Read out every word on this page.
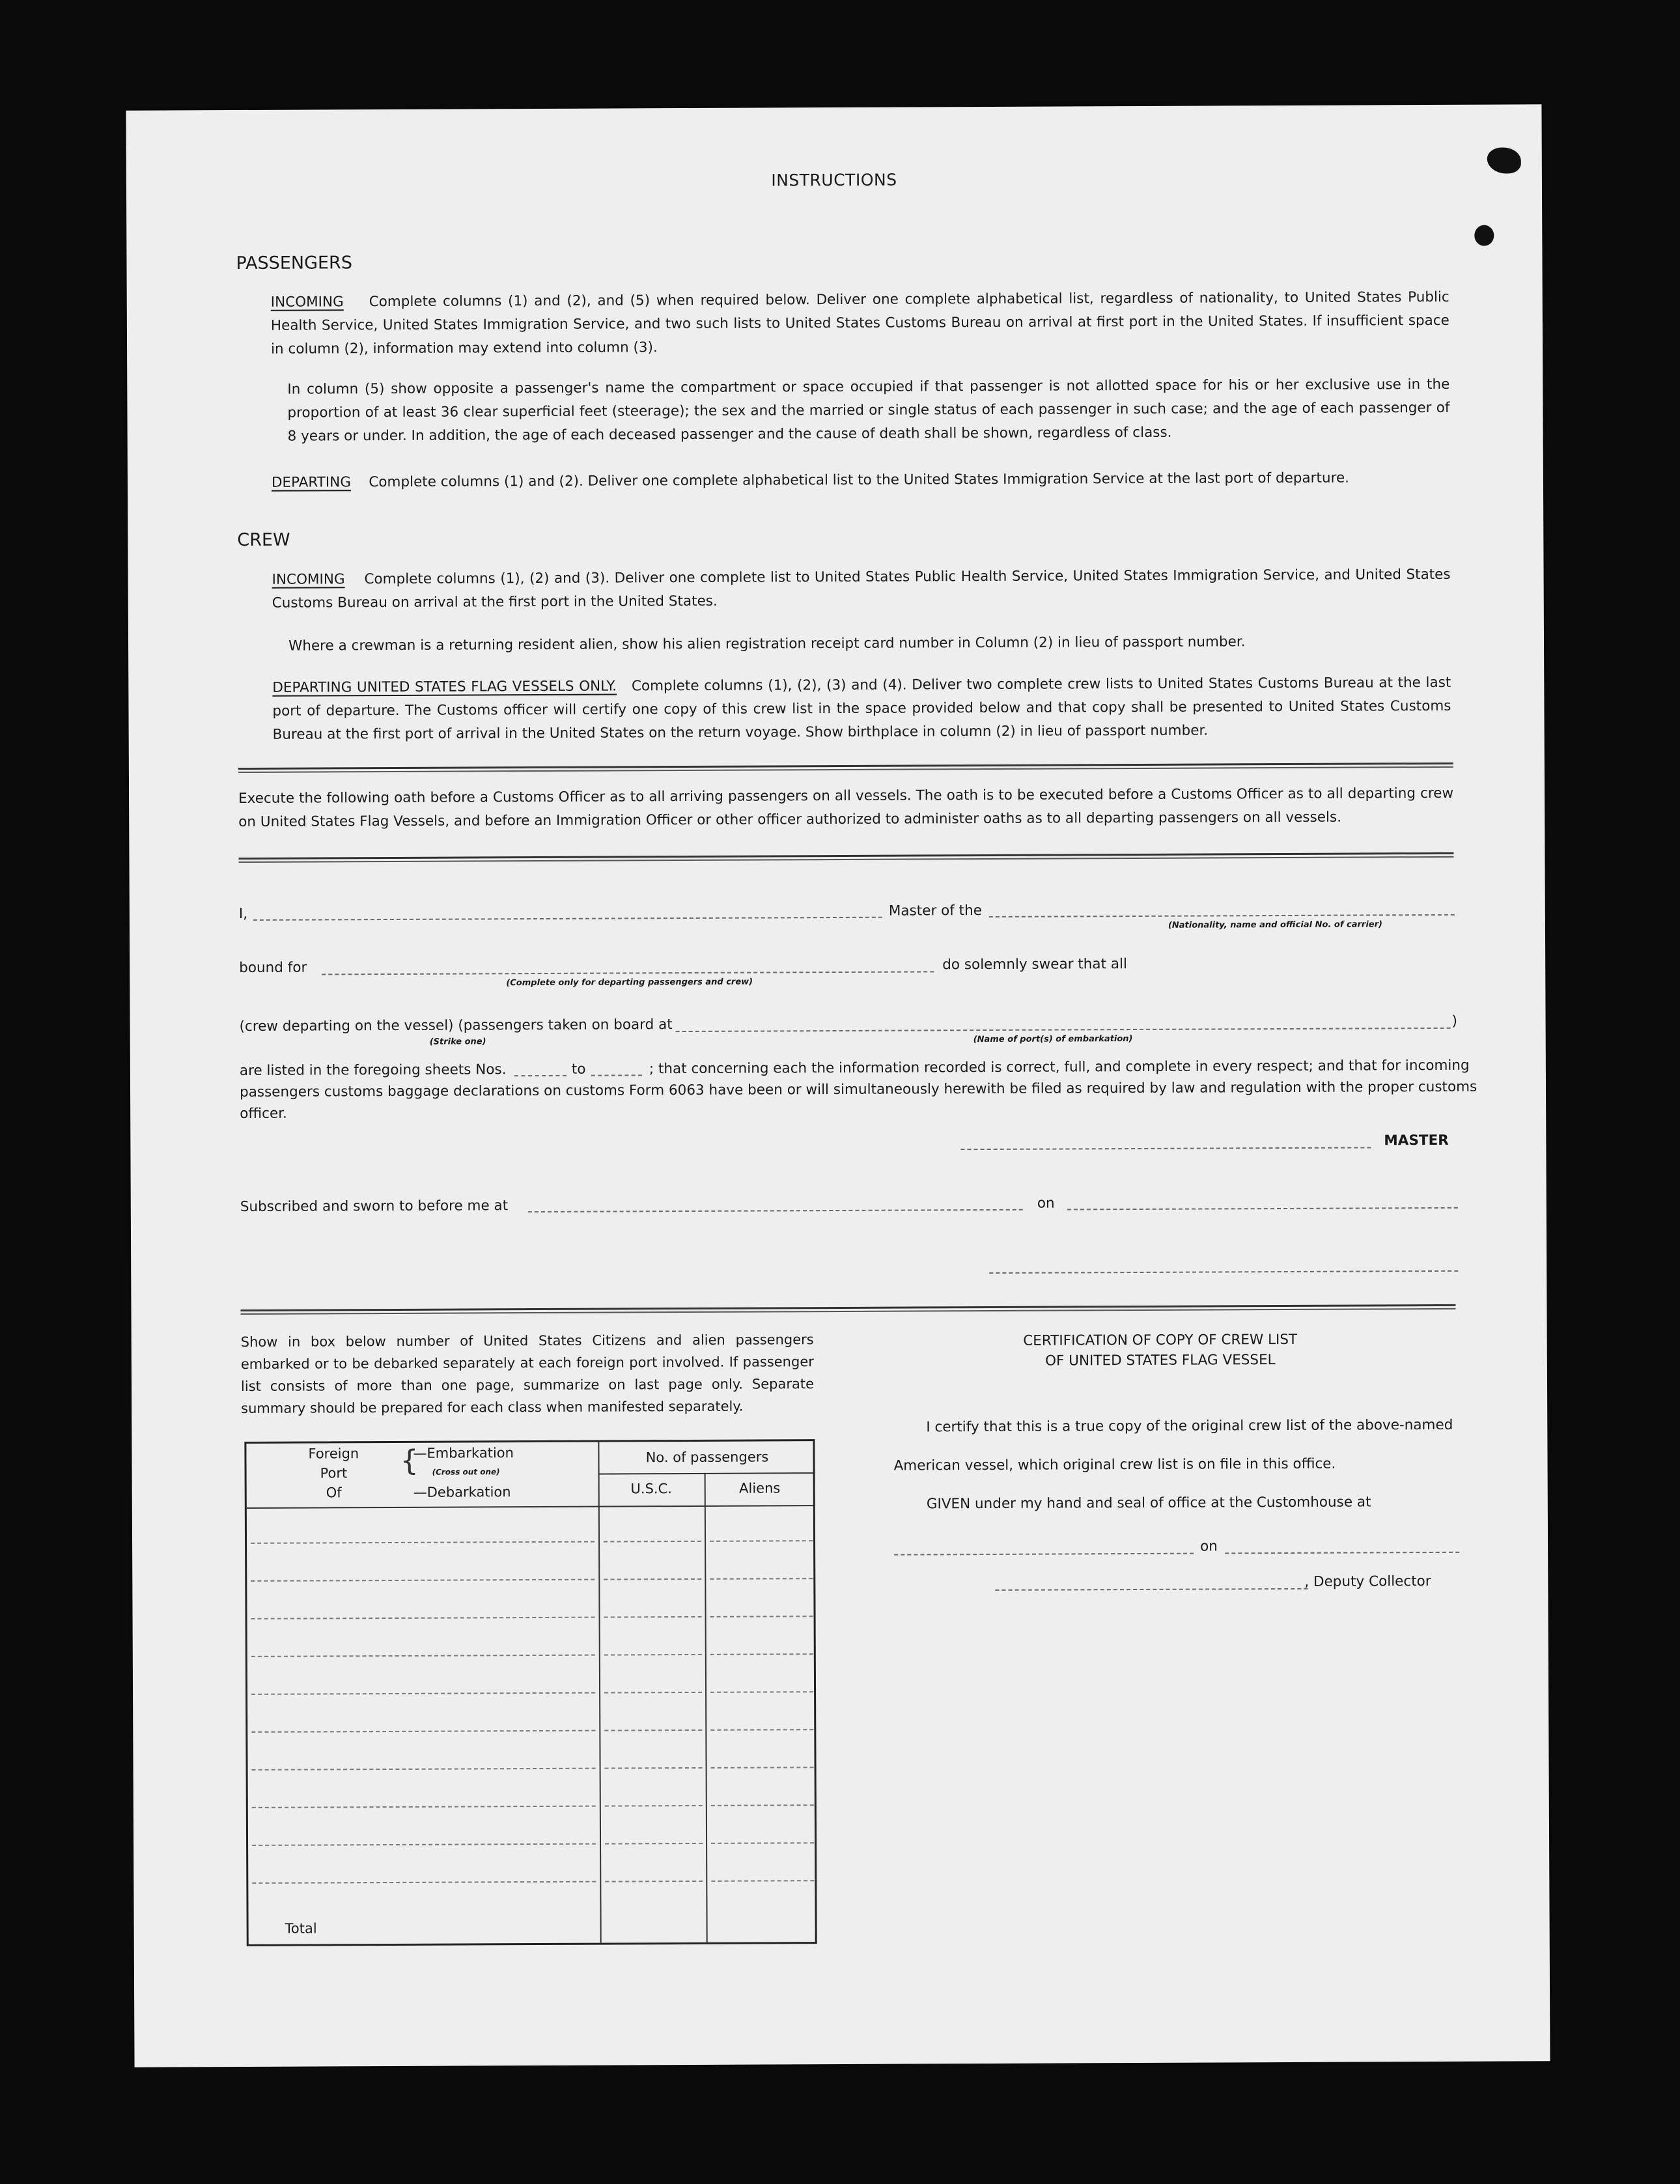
INSTRUCTIONS
PASSENGERS
INCOMING Complete columns (1) and (2), and (5) when required below. Deliver one complete alphabetical list, regardless of nationality, to United States Public Health Service, United States Immigration Service, and two such lists to United States Customs Bureau on arrival at first port in the United States. If insufficient space in column (2), information may extend into column (3).
In column (5) show opposite a passenger's name the compartment or space occupied if that passenger is not allotted space for his or her exclusive use in the proportion of at least 36 clear superficial feet (steerage); the sex and the married or single status of each passenger in such case; and the age of each passenger of 8 years or under. In addition, the age of each deceased passenger and the cause of death shall be shown, regardless of class.
DEPARTING Complete columns (1) and (2). Deliver one complete alphabetical list to the United States Immigration Service at the last port of departure.
CREW
INCOMING Complete columns (1), (2) and (3). Deliver one complete list to United States Public Health Service, United States Immigration Service, and United States Customs Bureau on arrival at the first port in the United States.
Where a crewman is a returning resident alien, show his alien registration receipt card number in Column (2) in lieu of passport number.
DEPARTING UNITED STATES FLAG VESSELS ONLY. Complete columns (1), (2), (3) and (4). Deliver two complete crew lists to United States Customs Bureau at the last port of departure. The Customs officer will certify one copy of this crew list in the space provided below and that copy shall be presented to United States Customs Bureau at the first port of arrival in the United States on the return voyage. Show birthplace in column (2) in lieu of passport number.
Execute the following oath before a Customs Officer as to all arriving passengers on all vessels. The oath is to be executed before a Customs Officer as to all departing crew on United States Flag Vessels, and before an Immigration Officer or other officer authorized to administer oaths as to all departing passengers on all vessels.
I,	Master of the
(Nationality, name and official No. of carrier)
bound for
(Complete only for departing passengers and crew)
do solemnly swear that all
(crew departing on the vessel) (passengers taken on board at	)
(Strike one)	(Name of port(s) of embarkation)
are listed in the foregoing sheets Nos.	to	; that concerning each the information recorded is correct, full, and complete in every respect; and that for incoming
passengers customs baggage declarations on customs Form 6063 have been or will simultaneously herewith be filed as required by law and regulation with the proper customs
officer.
MASTER
Subscribed and sworn to before me at	on
Show in box below number of United States Citizens and alien passengers embarked or to be debarked separately at each foreign port involved. If passenger list consists of more than one page, summarize on last page only. Separate summary should be prepared for each class when manifested separately.
Foreign
Port
Of
{
—Embarkation
(Cross out one)
—Debarkation
No. of passengers
U.S.C.	Aliens
Total
CERTIFICATION OF COPY OF CREW LIST
OF UNITED STATES FLAG VESSEL
I certify that this is a true copy of the original crew list of the above-named
American vessel, which original crew list is on file in this office.
GIVEN under my hand and seal of office at the Customhouse at
on
, Deputy Collector
